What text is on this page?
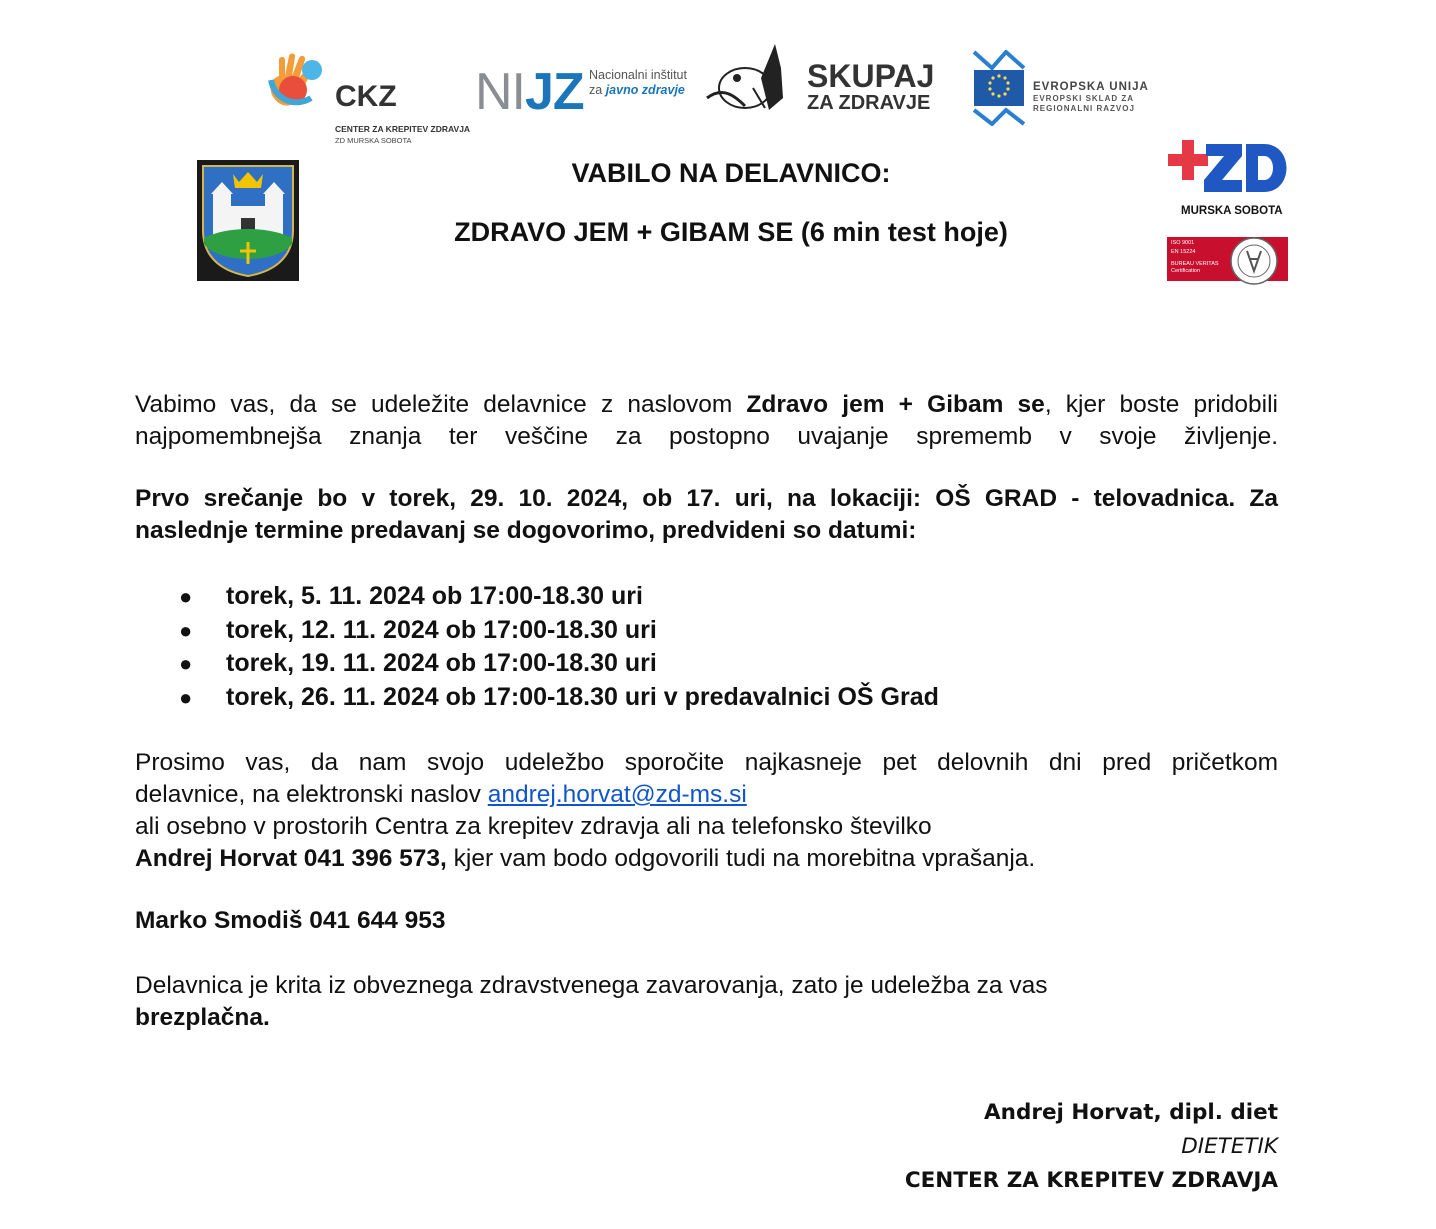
CKZ
CENTER ZA KREPITEV ZDRAVJA
ZD MURSKA SOBOTA
NIJZ Nacionalni inštitut
za javno zdravje	SKUPAJ
ZA ZDRAVJE
EVROPSKA UNIJA
EVROPSKI SKLAD ZA
REGIONALNI RAZVOJ
MURSKA SOBOTA
ISO 9001
EN 15224
BUREAU VERITAS
Certification
VABILO NA DELAVNICO:
ZDRAVO JEM + GIBAM SE (6 min test hoje)
Vabimo vas, da se udeležite delavnice z naslovom Zdravo jem + Gibam se, kjer boste pridobili
najpomembnejša znanja ter veščine za postopno uvajanje sprememb v svoje življenje.
Prvo srečanje bo v torek, 29. 10. 2024, ob 17. uri, na lokaciji: OŠ GRAD - telovadnica. Za
naslednje termine predavanj se dogovorimo, predvideni so datumi:
● torek, 5. 11. 2024 ob 17:00-18.30 uri
● torek, 12. 11. 2024 ob 17:00-18.30 uri
● torek, 19. 11. 2024 ob 17:00-18.30 uri
● torek, 26. 11. 2024 ob 17:00-18.30 uri v predavalnici OŠ Grad
Prosimo vas, da nam svojo udeležbo sporočite najkasneje pet delovnih dni pred pričetkom
delavnice, na elektronski naslov andrej.horvat@zd-ms.si
ali osebno v prostorih Centra za krepitev zdravja ali na telefonsko številko
Andrej Horvat 041 396 573, kjer vam bodo odgovorili tudi na morebitna vprašanja.
Marko Smodiš 041 644 953
Delavnica je krita iz obveznega zdravstvenega zavarovanja, zato je udeležba za vas
brezplačna.
Andrej Horvat, dipl. diet
DIETETIK
CENTER ZA KREPITEV ZDRAVJA
